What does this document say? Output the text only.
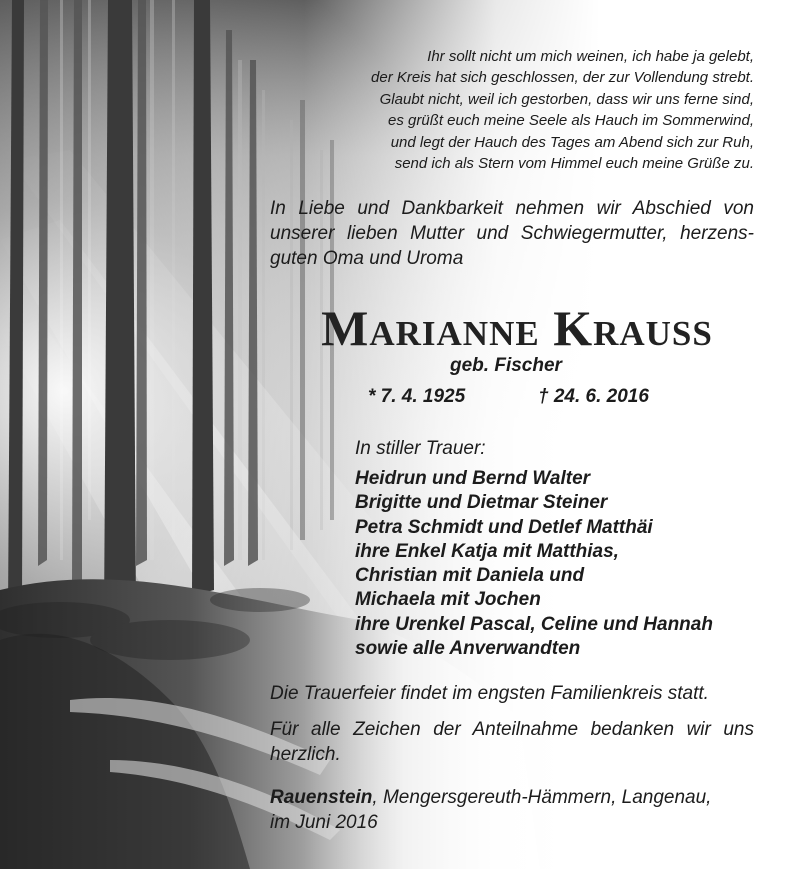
Ihr sollt nicht um mich weinen, ich habe ja gelebt,
der Kreis hat sich geschlossen, der zur Vollendung strebt.
Glaubt nicht, weil ich gestorben, dass wir uns ferne sind,
es grüßt euch meine Seele als Hauch im Sommerwind,
und legt der Hauch des Tages am Abend sich zur Ruh,
send ich als Stern vom Himmel euch meine Grüße zu.
In Liebe und Dankbarkeit nehmen wir Abschied von
unserer lieben Mutter und Schwiegermutter, herzens-
guten Oma und Uroma
Marianne Krauss
geb. Fischer
* 7. 4. 1925	† 24. 6. 2016
In stiller Trauer:
Heidrun und Bernd Walter
Brigitte und Dietmar Steiner
Petra Schmidt und Detlef Matthäi
ihre Enkel Katja mit Matthias,
Christian mit Daniela und
Michaela mit Jochen
ihre Urenkel Pascal, Celine und Hannah
sowie alle Anverwandten
Die Trauerfeier findet im engsten Familienkreis statt.
Für alle Zeichen der Anteilnahme bedanken wir uns
herzlich.
Rauenstein, Mengersgereuth-Hämmern, Langenau,
im Juni 2016
